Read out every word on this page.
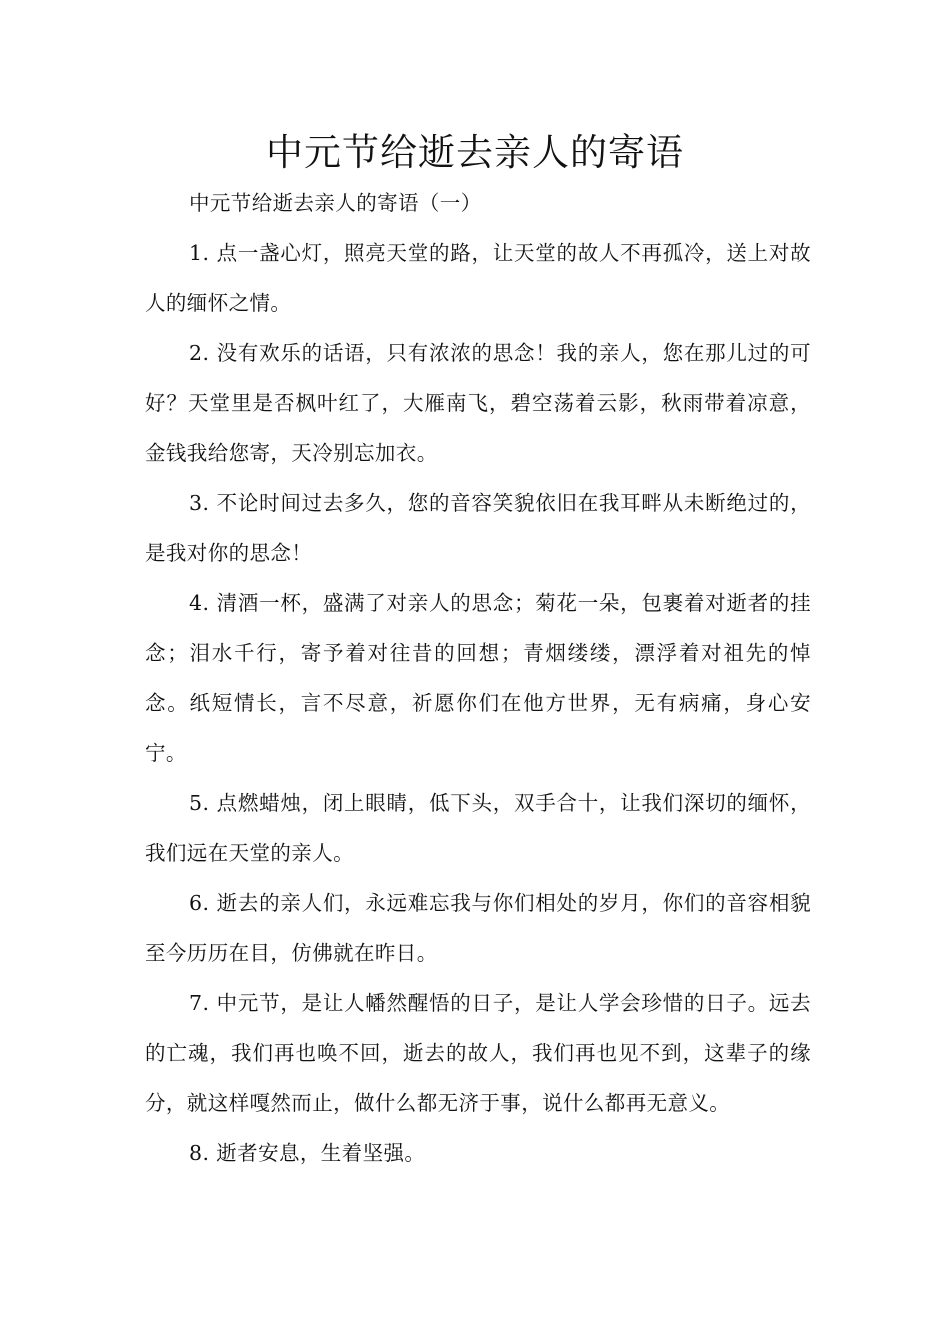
中元节给逝去亲人的寄语

中元节给逝去亲人的寄语（一）

1. 点一盏心灯，照亮天堂的路，让天堂的故人不再孤冷，送上对故人的缅怀之情。

2. 没有欢乐的话语，只有浓浓的思念！我的亲人，您在那儿过的可好？天堂里是否枫叶红了，大雁南飞，碧空荡着云影，秋雨带着凉意，金钱我给您寄，天冷别忘加衣。

3. 不论时间过去多久，您的音容笑貌依旧在我耳畔从未断绝过的，是我对你的思念！

4. 清酒一杯，盛满了对亲人的思念；菊花一朵，包裹着对逝者的挂念；泪水千行，寄予着对往昔的回想；青烟缕缕，漂浮着对祖先的悼念。纸短情长，言不尽意，祈愿你们在他方世界，无有病痛，身心安宁。

5. 点燃蜡烛，闭上眼睛，低下头，双手合十，让我们深切的缅怀，我们远在天堂的亲人。

6. 逝去的亲人们，永远难忘我与你们相处的岁月，你们的音容相貌至今历历在目，仿佛就在昨日。

7. 中元节，是让人幡然醒悟的日子，是让人学会珍惜的日子。远去的亡魂，我们再也唤不回，逝去的故人，我们再也见不到，这辈子的缘分，就这样嘎然而止，做什么都无济于事，说什么都再无意义。

8. 逝者安息，生着坚强。
